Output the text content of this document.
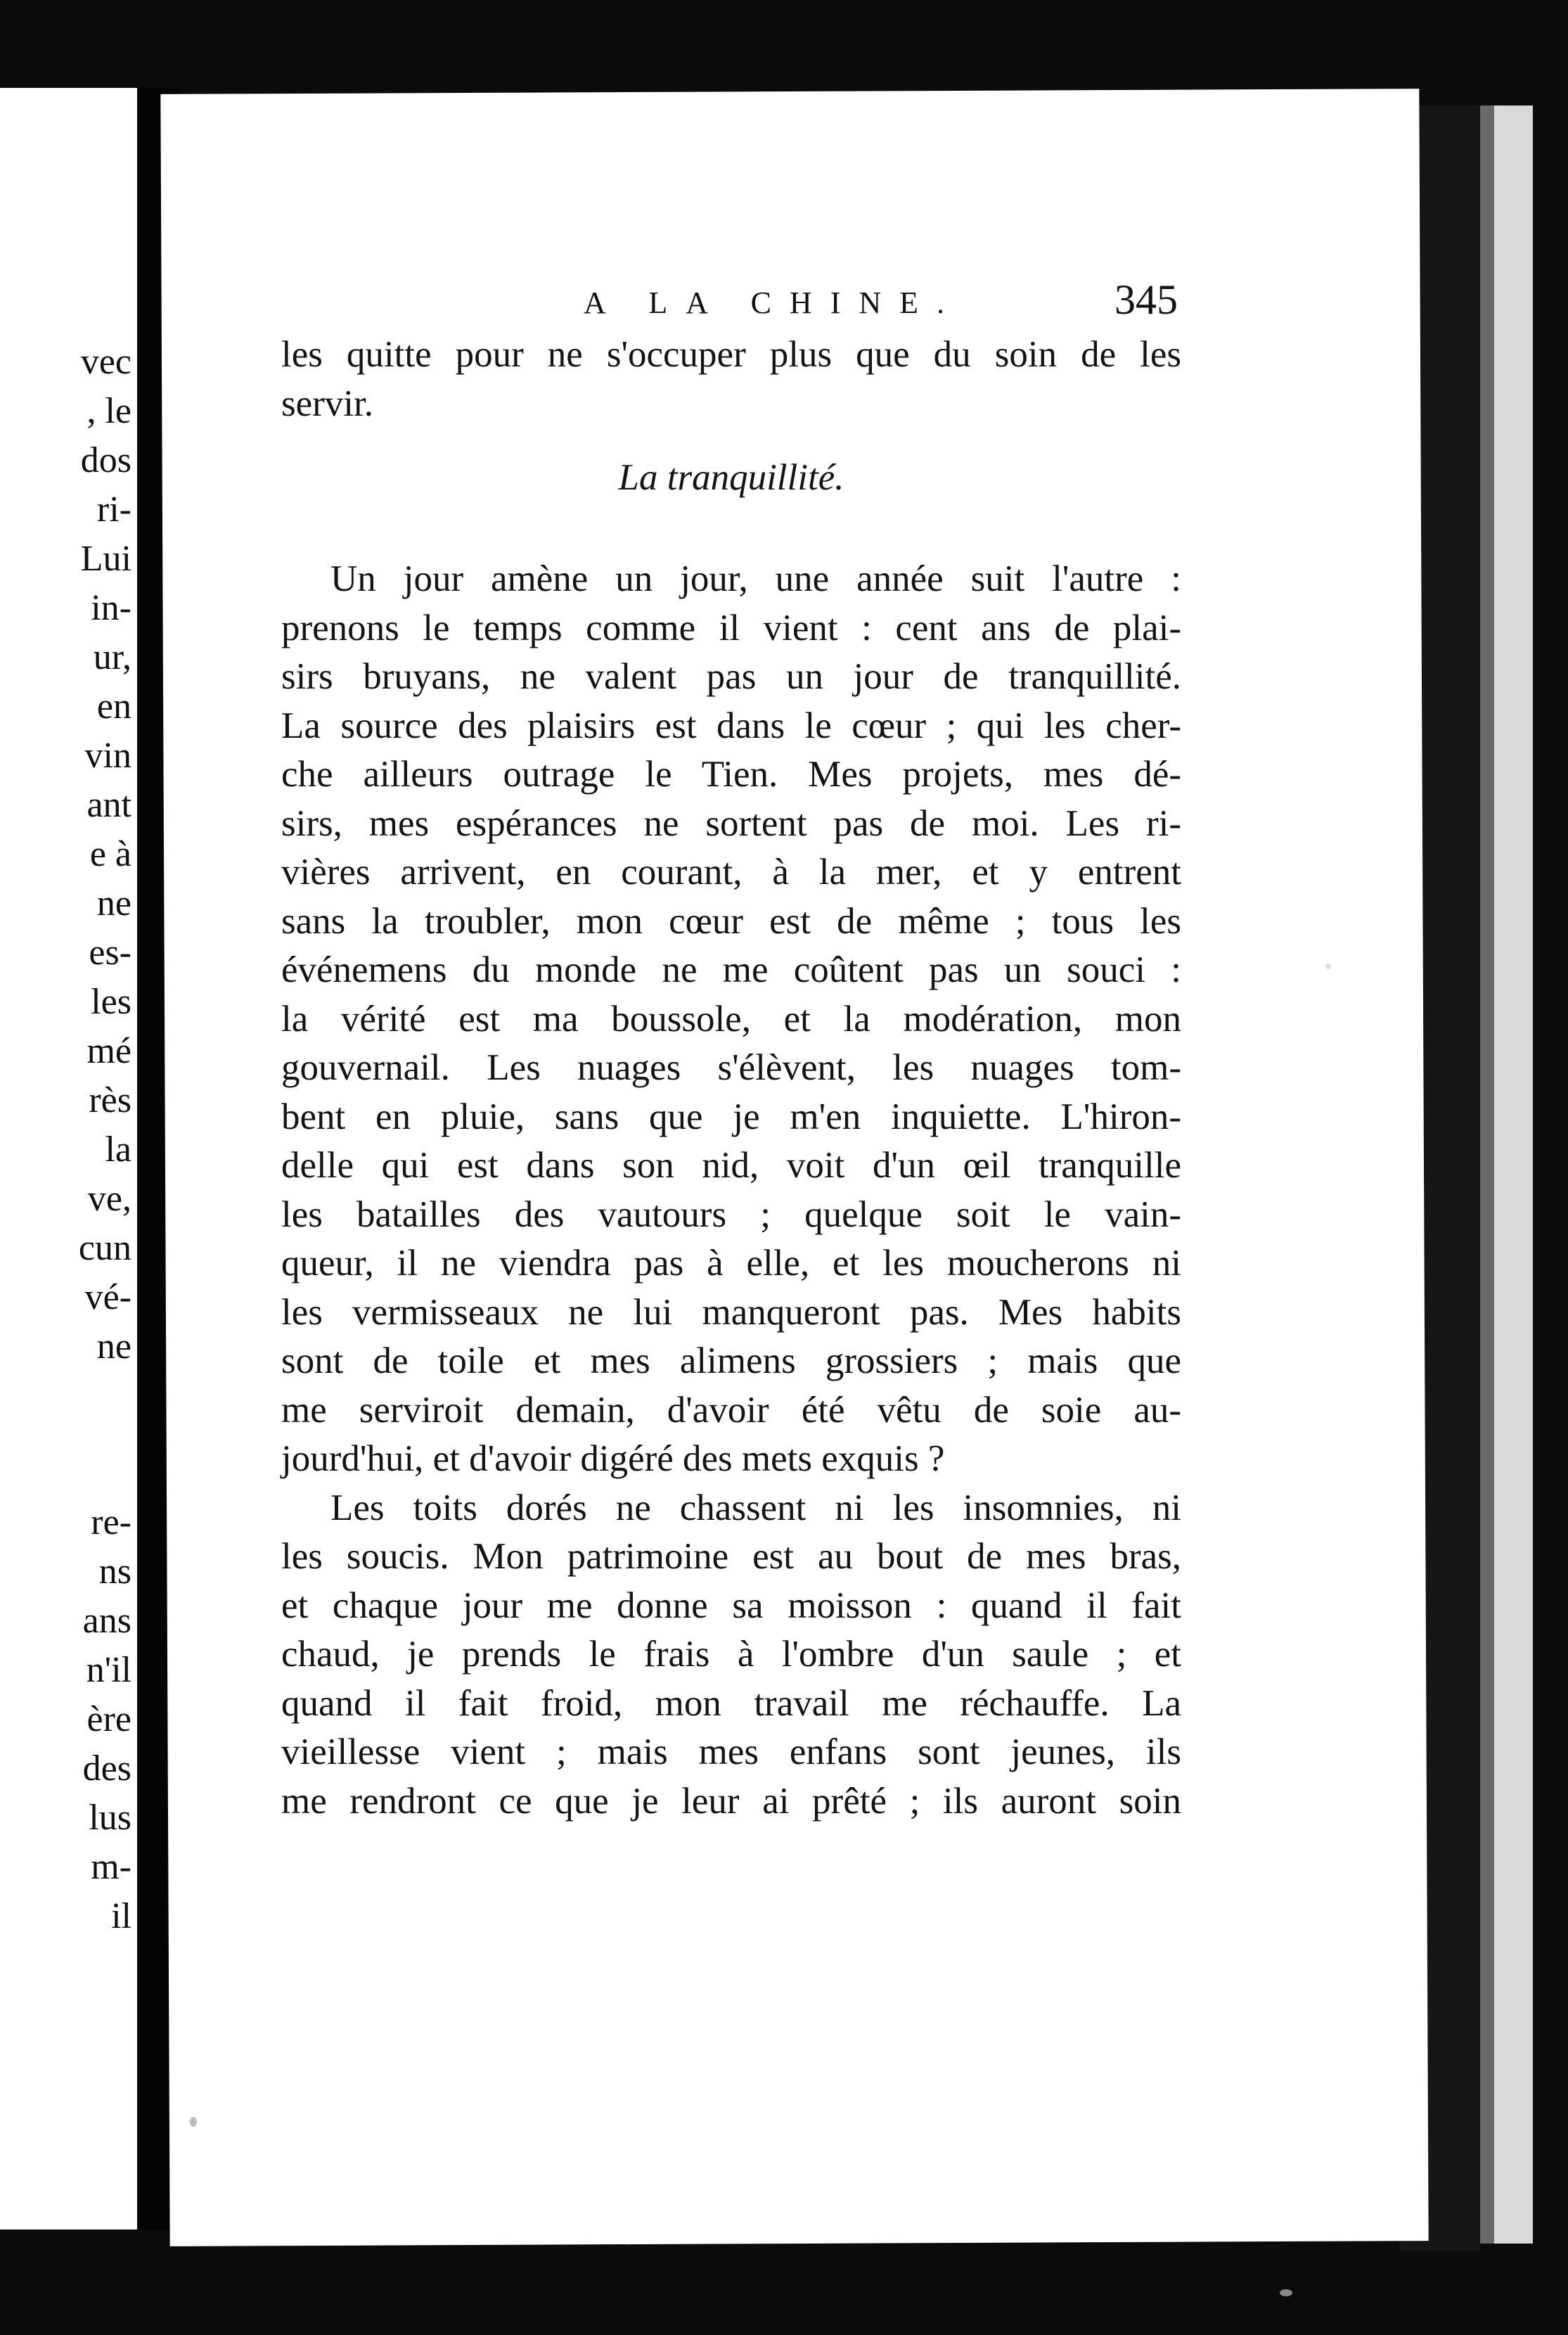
vec
, le
dos
ri-
Lui
in-
ur,
en
vin
ant
e à
ne
es-
les
mé
rès
la
ve,
cun
vé-
ne
re-
ns
ans
n'il
ère
des
lus
m-
il
A LA CHINE.	345
les quitte pour ne s'occuper plus que du soin de les
servir.
La tranquillité.
Un jour amène un jour, une année suit l'autre :
prenons le temps comme il vient : cent ans de plai-
sirs bruyans, ne valent pas un jour de tranquillité.
La source des plaisirs est dans le cœur ; qui les cher-
che ailleurs outrage le Tien. Mes projets, mes dé-
sirs, mes espérances ne sortent pas de moi. Les ri-
vières arrivent, en courant, à la mer, et y entrent
sans la troubler, mon cœur est de même ; tous les
événemens du monde ne me coûtent pas un souci :
la vérité est ma boussole, et la modération, mon
gouvernail. Les nuages s'élèvent, les nuages tom-
bent en pluie, sans que je m'en inquiette. L'hiron-
delle qui est dans son nid, voit d'un œil tranquille
les batailles des vautours ; quelque soit le vain-
queur, il ne viendra pas à elle, et les moucherons ni
les vermisseaux ne lui manqueront pas. Mes habits
sont de toile et mes alimens grossiers ; mais que
me serviroit demain, d'avoir été vêtu de soie au-
jourd'hui, et d'avoir digéré des mets exquis ?
Les toits dorés ne chassent ni les insomnies, ni
les soucis. Mon patrimoine est au bout de mes bras,
et chaque jour me donne sa moisson : quand il fait
chaud, je prends le frais à l'ombre d'un saule ; et
quand il fait froid, mon travail me réchauffe. La
vieillesse vient ; mais mes enfans sont jeunes, ils
me rendront ce que je leur ai prêté ; ils auront soin
